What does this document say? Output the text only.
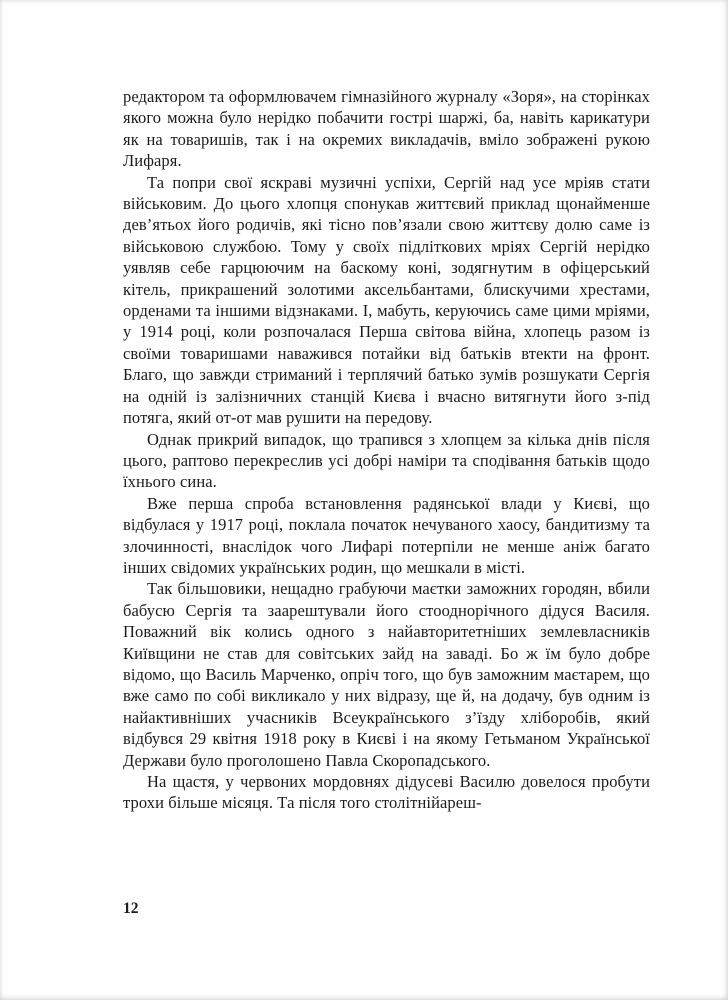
редактором та оформлювачем гімназійного журналу «Зоря», на сторінках якого можна було нерідко побачити гострі шаржі, ба, навіть карикатури як на товаришів, так і на окремих викладачів, вміло зображені рукою Лифаря.

Та попри свої яскраві музичні успіхи, Сергій над усе мріяв стати військовим. До цього хлопця спонукав життєвий приклад щонайменше дев’ятьох його родичів, які тісно пов’язали свою життєву долю саме із військовою службою. Тому у своїх підліткових мріях Сергій нерідко уявляв себе гарцюючим на баскому коні, зодягнутим в офіцерський кітель, прикрашений золотими аксельбантами, блискучими хрестами, орденами та іншими відзнаками. І, мабуть, керуючись саме цими мріями, у 1914 році, коли розпочалася Перша світова війна, хлопець разом із своїми товаришами наважився потайки від батьків втекти на фронт. Благо, що завжди стриманий і терплячий батько зумів розшукати Сергія на одній із залізничних станцій Києва і вчасно витягнути його з-під потяга, який от-от мав рушити на передову.

Однак прикрий випадок, що трапився з хлопцем за кілька днів після цього, раптово перекреслив усі добрі наміри та сподівання батьків щодо їхнього сина.

Вже перша спроба встановлення радянської влади у Києві, що відбулася у 1917 році, поклала початок нечуваного хаосу, бандитизму та злочинності, внаслідок чого Лифарі потерпіли не менше аніж багато інших свідомих українських родин, що мешкали в місті.

Так більшовики, нещадно грабуючи маєтки заможних городян, вбили бабусю Сергія та заарештували його стооднорічного дідуся Василя. Поважний вік колись одного з найавторитетніших землевласників Київщини не став для совітських зайд на заваді. Бо ж їм було добре відомо, що Василь Марченко, опріч того, що був заможним маєтарем, що вже само по собі викликало у них відразу, ще й, на додачу, був одним із найактивніших учасників Всеукраїнського з’їзду хліборобів, який відбувся 29 квітня 1918 року в Києві і на якому Гетьманом Української Держави було проголошено Павла Скоропадського.

На щастя, у червоних мордовнях дідусеві Василю довелося пробути трохи більше місяця. Та після того столітнійареш-

12
